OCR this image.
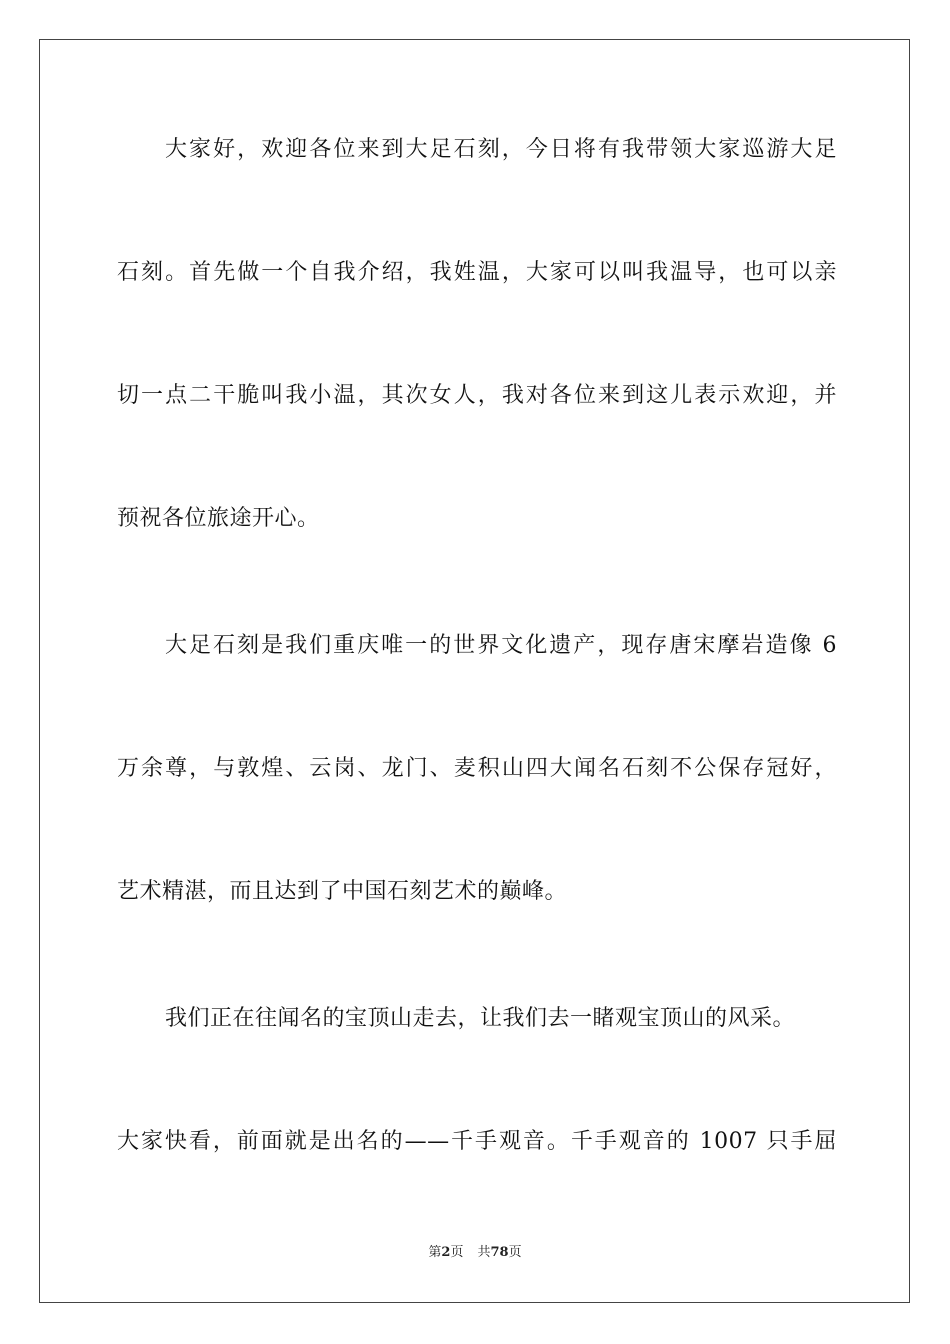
大家好，欢迎各位来到大足石刻，今日将有我带领大家巡游大足
石刻。首先做一个自我介绍，我姓温，大家可以叫我温导，也可以亲
切一点二干脆叫我小温，其次女人，我对各位来到这儿表示欢迎，并
预祝各位旅途开心。
大足石刻是我们重庆唯一的世界文化遗产，现存唐宋摩岩造像 6
万余尊，与敦煌、云岗、龙门、麦积山四大闻名石刻不公保存冠好，
艺术精湛，而且达到了中国石刻艺术的巅峰。
我们正在往闻名的宝顶山走去，让我们去一睹观宝顶山的风采。
大家快看，前面就是出名的——千手观音。千手观音的 1007 只手屈
第2页 共78页
